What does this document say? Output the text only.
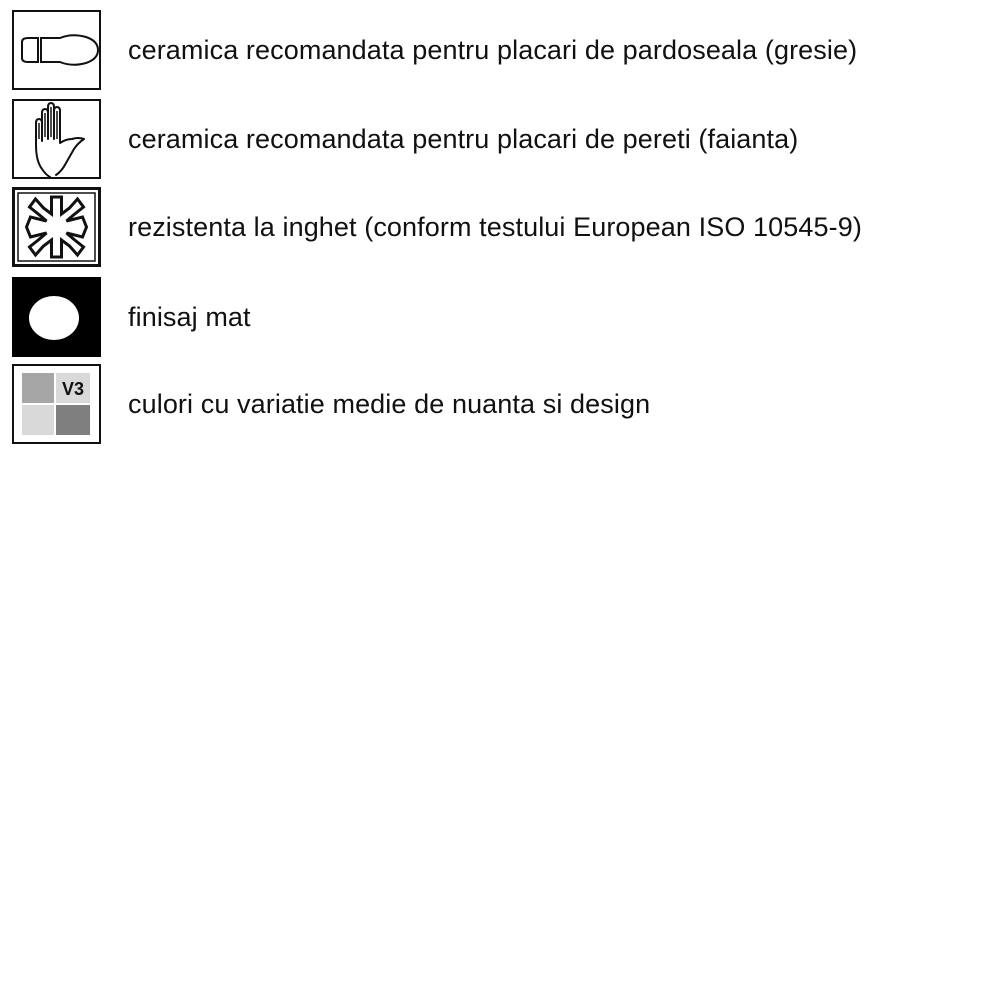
ceramica recomandata pentru placari de pardoseala (gresie)
ceramica recomandata pentru placari de pereti (faianta)
rezistenta la inghet (conform testului European ISO 10545-9)
finisaj mat
V3 culori cu variatie medie de nuanta si design
